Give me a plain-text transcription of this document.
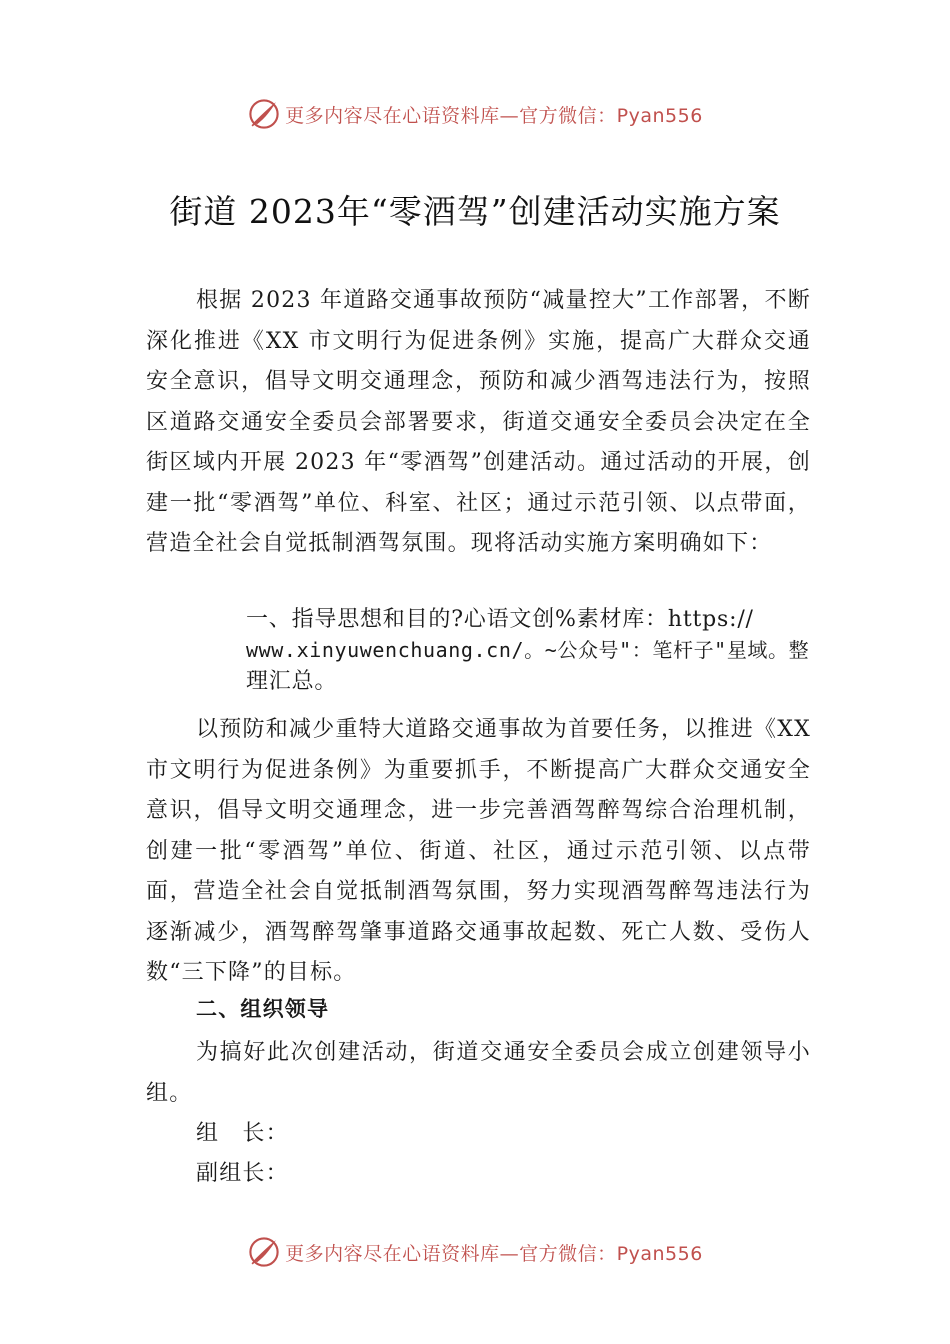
更多内容尽在心语资料库—官方微信：Pyan556
街道 2023年“零酒驾”创建活动实施方案

根据 2023 年道路交通事故预防“减量控大”工作部署，不断深化推进《XX 市文明行为促进条例》实施，提高广大群众交通安全意识，倡导文明交通理念，预防和减少酒驾违法行为，按照区道路交通安全委员会部署要求，街道交通安全委员会决定在全街区域内开展 2023 年“零酒驾”创建活动。通过活动的开展，创建一批“零酒驾”单位、科室、社区；通过示范引领、以点带面，营造全社会自觉抵制酒驾氛围。现将活动实施方案明确如下：

一、指导思想和目的?心语文创%素材库：https://
www.xinyuwenchuang.cn/。~公众号"：笔杆子"星域。整
理汇总。

以预防和减少重特大道路交通事故为首要任务，以推进《XX 市文明行为促进条例》为重要抓手，不断提高广大群众交通安全意识，倡导文明交通理念，进一步完善酒驾醉驾综合治理机制，创建一批“零酒驾”单位、街道、社区，通过示范引领、以点带面，营造全社会自觉抵制酒驾氛围，努力实现酒驾醉驾违法行为逐渐减少，酒驾醉驾肇事道路交通事故起数、死亡人数、受伤人数“三下降”的目标。

二、组织领导

为搞好此次创建活动，街道交通安全委员会成立创建领导小组。

组　长：

副组长：

更多内容尽在心语资料库—官方微信：Pyan556
